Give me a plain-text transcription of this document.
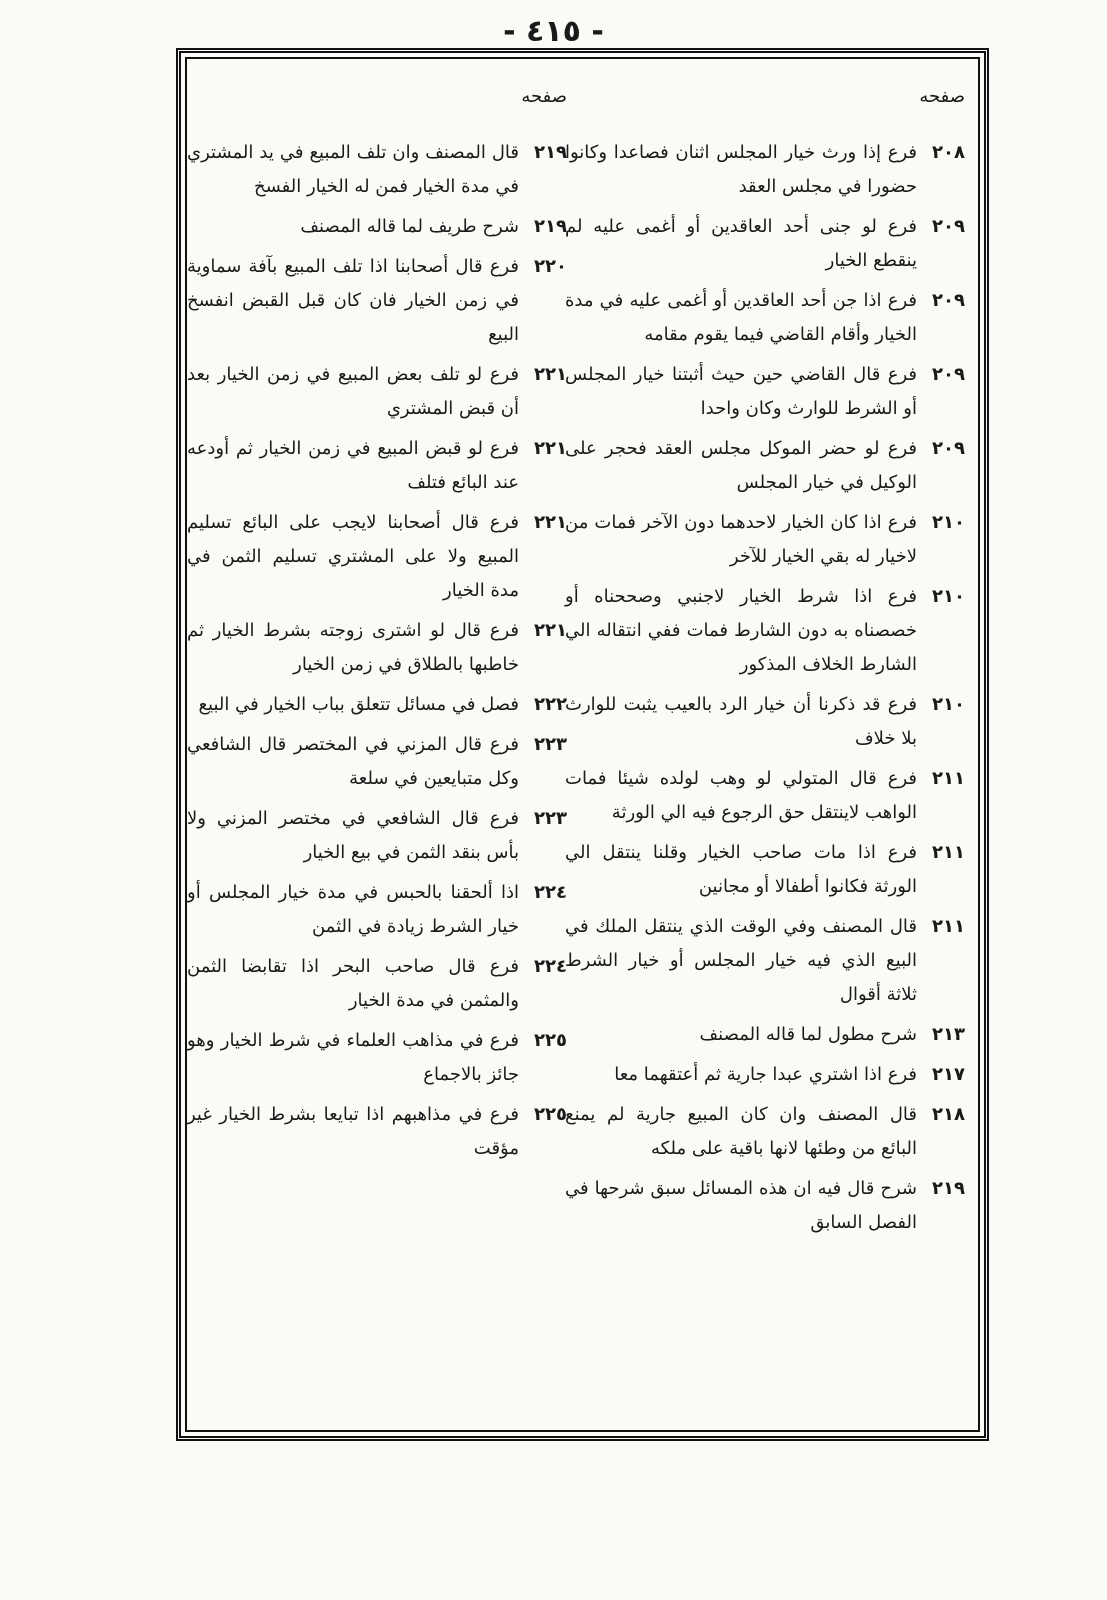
- ٤١٥ -
صفحه
صفحه
٢٠٨
فرع إذا ورث خيار المجلس اثنان فصاعدا وكانوا حضورا في مجلس العقد
٢٠٩
فرع لو جنى أحد العاقدين أو أغمى عليه لم ينقطع الخيار
٢٠٩
فرع اذا جن أحد العاقدين أو أغمى عليه في مدة الخيار وأقام القاضي فيما يقوم مقامه
٢٠٩
فرع قال القاضي حين حيث أثبتنا خيار المجلس أو الشرط للوارث وكان واحدا
٢٠٩
فرع لو حضر الموكل مجلس العقد فحجر على الوكيل في خيار المجلس
٢١٠
فرع اذا كان الخيار لاحدهما دون الآخر فمات من لاخيار له بقي الخيار للآخر
٢١٠
فرع اذا شرط الخيار لاجنبي وصححناه أو خصصناه به دون الشارط فمات ففي انتقاله الي الشارط الخلاف المذكور
٢١٠
فرع قد ذكرنا أن خيار الرد بالعيب يثبت للوارث بلا خلاف
٢١١
فرع قال المتولي لو وهب لولده شيئا فمات الواهب لاينتقل حق الرجوع فيه الي الورثة
٢١١
فرع اذا مات صاحب الخيار وقلنا ينتقل الي الورثة فكانوا أطفالا أو مجانين
٢١١
قال المصنف وفي الوقت الذي ينتقل الملك في البيع الذي فيه خيار المجلس أو خيار الشرط ثلاثة أقوال
٢١٣
شرح مطول لما قاله المصنف
٢١٧
فرع اذا اشتري عبدا جارية ثم أعتقهما معا
٢١٨
قال المصنف وان كان المبيع جارية لم يمنع البائع من وطئها لانها باقية على ملكه
٢١٩
شرح قال فيه ان هذه المسائل سبق شرحها في الفصل السابق
٢١٩
قال المصنف وان تلف المبيع في يد المشتري في مدة الخيار فمن له الخيار الفسخ
٢١٩
شرح طريف لما قاله المصنف
٢٢٠
فرع قال أصحابنا اذا تلف المبيع بآفة سماوية في زمن الخيار فان كان قبل القبض انفسخ البيع
٢٢١
فرع لو تلف بعض المبيع في زمن الخيار بعد أن قبض المشتري
٢٢١
فرع لو قبض المبيع في زمن الخيار ثم أودعه عند البائع فتلف
٢٢١
فرع قال أصحابنا لايجب على البائع تسليم المبيع ولا على المشتري تسليم الثمن في مدة الخيار
٢٢١
فرع قال لو اشترى زوجته بشرط الخيار ثم خاطبها بالطلاق في زمن الخيار
٢٢٢
فصل في مسائل تتعلق بباب الخيار في البيع
٢٢٣
فرع قال المزني في المختصر قال الشافعي وكل متبايعين في سلعة
٢٢٣
فرع قال الشافعي في مختصر المزني ولا بأس بنقد الثمن في بيع الخيار
٢٢٤
اذا ألحقنا بالحبس في مدة خيار المجلس أو خيار الشرط زيادة في الثمن
٢٢٤
فرع قال صاحب البحر اذا تقابضا الثمن والمثمن في مدة الخيار
٢٢٥
فرع في مذاهب العلماء في شرط الخيار وهو جائز بالاجماع
٢٢٥
فرع في مذاهبهم اذا تبايعا بشرط الخيار غير مؤقت
